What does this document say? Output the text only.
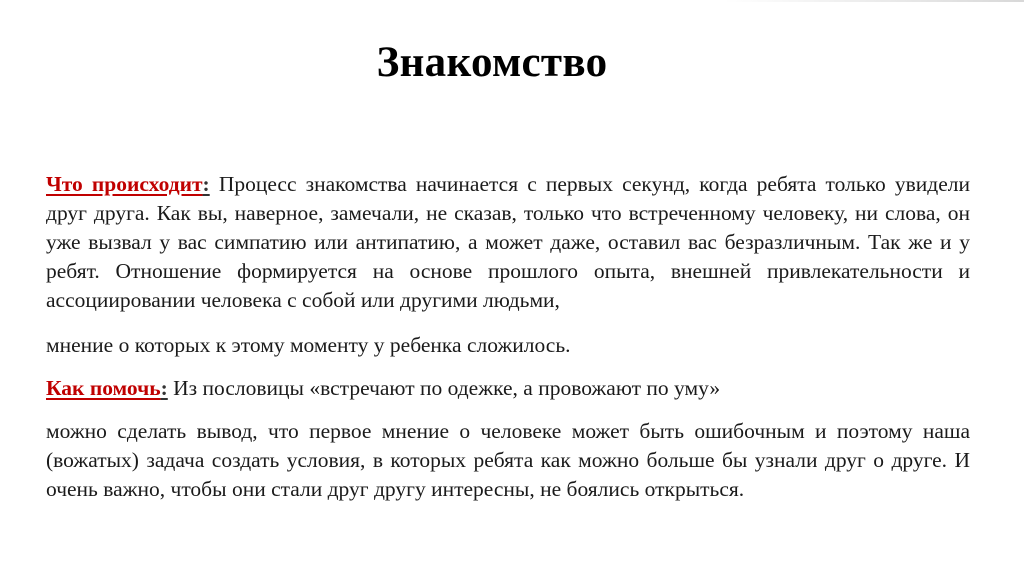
Знакомство

Что происходит: Процесс знакомства начинается с первых секунд, когда ребята только увидели друг друга. Как вы, наверное, замечали, не сказав, только что встреченному человеку, ни слова, он уже вызвал у вас симпатию или антипатию, а может даже, оставил вас безразличным. Так же и у ребят. Отношение формируется на основе прошлого опыта, внешней привлекательности и ассоциировании человека с собой или другими людьми,

мнение о которых к этому моменту у ребенка сложилось.

Как помочь: Из пословицы «встречают по одежке, а провожают по уму»

можно сделать вывод, что первое мнение о человеке может быть ошибочным и поэтому наша (вожатых) задача создать условия, в которых ребята как можно больше бы узнали друг о друге. И очень важно, чтобы они стали друг другу интересны, не боялись открыться.
